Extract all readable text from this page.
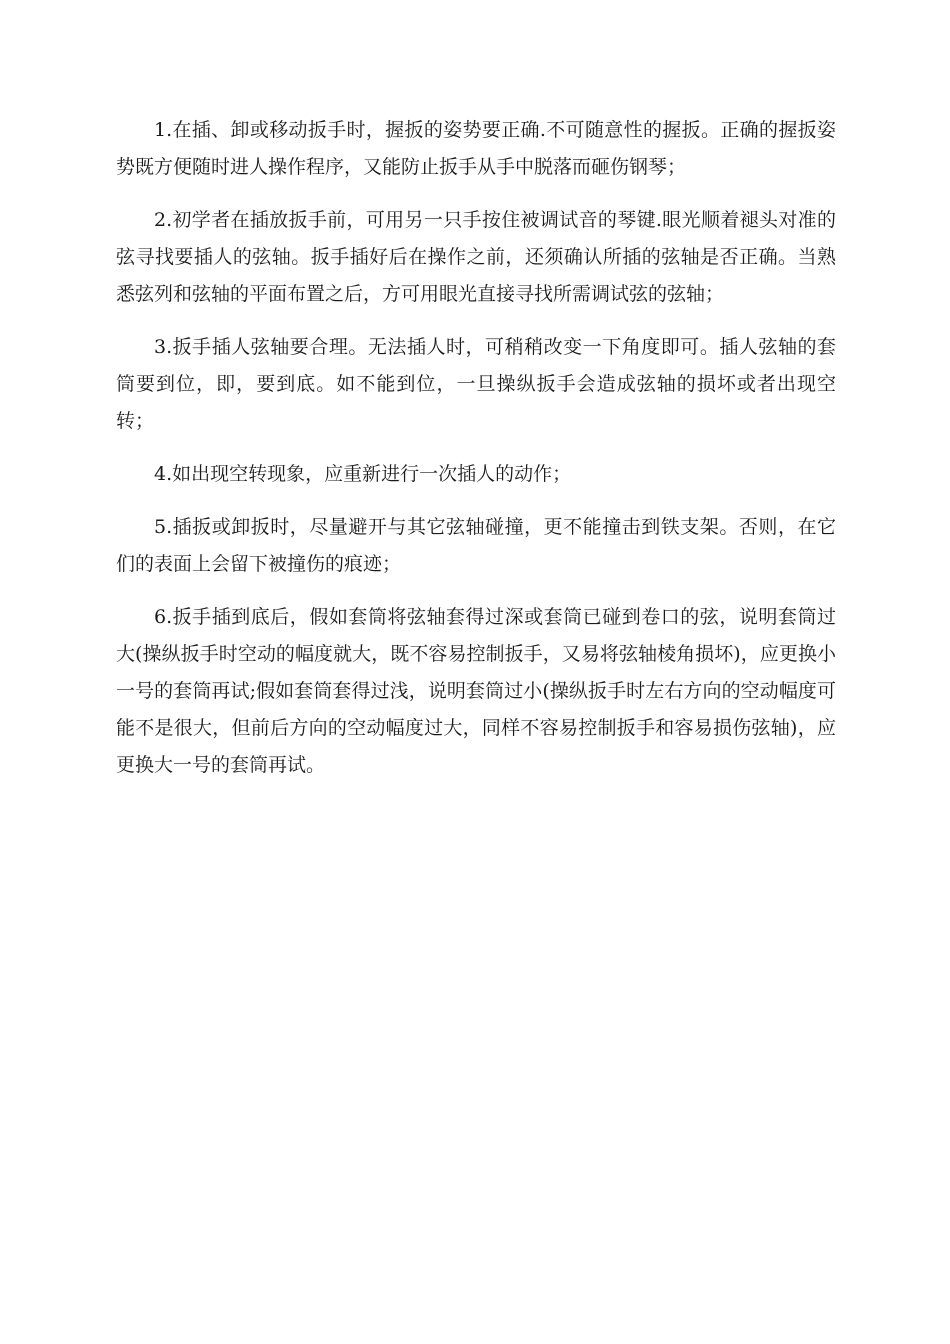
1.在插、卸或移动扳手时，握扳的姿势要正确.不可随意性的握扳。正确的握扳姿势既方便随时进人操作程序，又能防止扳手从手中脱落而砸伤钢琴；

2.初学者在插放扳手前，可用另一只手按住被调试音的琴键.眼光顺着褪头对准的弦寻找要插人的弦轴。扳手插好后在操作之前，还须确认所插的弦轴是否正确。当熟悉弦列和弦轴的平面布置之后，方可用眼光直接寻找所需调试弦的弦轴；

3.扳手插人弦轴要合理。无法插人时，可稍稍改变一下角度即可。插人弦轴的套筒要到位，即，要到底。如不能到位，一旦操纵扳手会造成弦轴的损坏或者出现空转；

4.如出现空转现象，应重新进行一次插人的动作；

5.插扳或卸扳时，尽量避开与其它弦轴碰撞，更不能撞击到铁支架。否则，在它们的表面上会留下被撞伤的痕迹；

6.扳手插到底后，假如套筒将弦轴套得过深或套筒已碰到卷口的弦，说明套筒过大(操纵扳手时空动的幅度就大，既不容易控制扳手，又易将弦轴棱角损坏)，应更换小一号的套筒再试;假如套筒套得过浅，说明套筒过小(操纵扳手时左右方向的空动幅度可能不是很大，但前后方向的空动幅度过大，同样不容易控制扳手和容易损伤弦轴)，应更换大一号的套筒再试。
